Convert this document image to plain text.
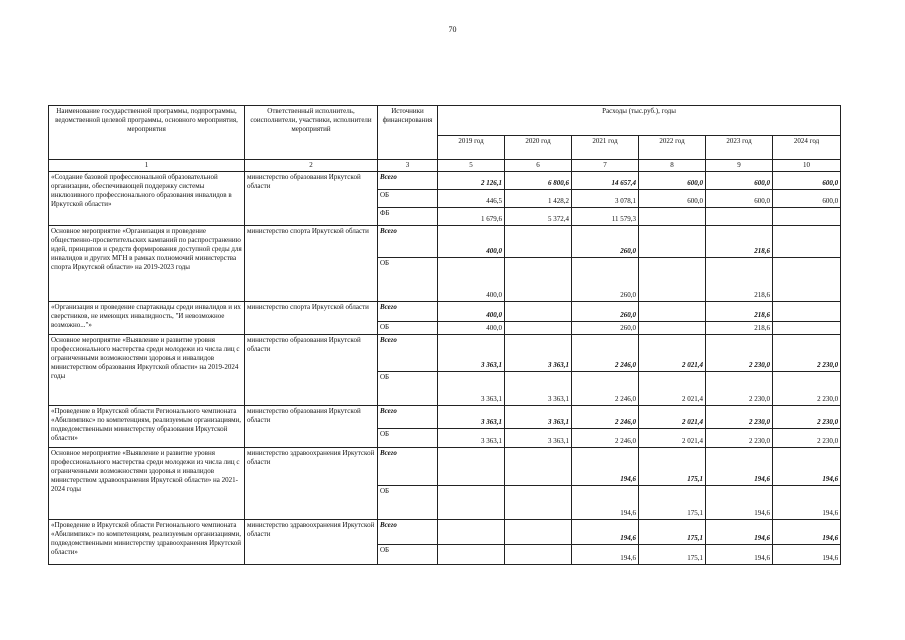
70
Наименование государственной программы, подпрограммы, ведомственной целевой программы, основного мероприятия, мероприятия	Ответственный исполнитель, соисполнители, участники, исполнители мероприятий	Источники финансирования	Расходы (тыс.руб.), годы					
			2019 год	2020 год	2021 год	2022 год	2023 год	2024 год
1	2	3	5	6	7	8	9	10
«Создание базовой профессиональной образовательной организации, обеспечивающей поддержку системы инклюзивного профессионального образования инвалидов в Иркутской области»	министерство образования Иркутской области	Всего	2 126,1	6 800,6	14 657,4	600,0	600,0	600,0
		ОБ	446,5	1 428,2	3 078,1	600,0	600,0	600,0
		ФБ	1 679,6	5 372,4	11 579,3			
Основное мероприятие «Организация и проведение общественно-просветительских кампаний по распространению идей, принципов и средств формирования доступной среды для инвалидов и других МГН в рамках полномочий министерства спорта Иркутской области» на 2019-2023 годы	министерство спорта Иркутской области	Всего	400,0		260,0		218,6	
		ОБ	400,0		260,0		218,6	
«Организация и проведение спартакиады среди инвалидов и их сверстников, не имеющих инвалидность, "И невозможное возможно..."»	министерство спорта Иркутской области	Всего	400,0		260,0		218,6	
		ОБ	400,0		260,0		218,6	
Основное мероприятие «Выявление и развитие уровня профессионального мастерства среди молодежи из числа лиц с ограниченными возможностями здоровья и инвалидов министерством образования Иркутской области» на 2019-2024 годы	министерство образования Иркутской области	Всего	3 363,1	3 363,1	2 246,0	2 021,4	2 230,0	2 230,0
		ОБ	3 363,1	3 363,1	2 246,0	2 021,4	2 230,0	2 230,0
«Проведение в Иркутской области Регионального чемпионата «Абилимпикс» по компетенциям, реализуемым организациями, подведомственными министерству образования Иркутской области»	министерство образования Иркутской области	Всего	3 363,1	3 363,1	2 246,0	2 021,4	2 230,0	2 230,0
		ОБ	3 363,1	3 363,1	2 246,0	2 021,4	2 230,0	2 230,0
Основное мероприятие «Выявление и развитие уровня профессионального мастерства среди молодежи из числа лиц с ограниченными возможностями здоровья и инвалидов министерством здравоохранения Иркутской области» на 2021-2024 годы	министерство здравоохранения Иркутской области	Всего			194,6	175,1	194,6	194,6
		ОБ			194,6	175,1	194,6	194,6
«Проведение в Иркутской области Регионального чемпионата «Абилимпикс» по компетенциям, реализуемым организациями, подведомственными министерству здравоохранения Иркутской области»	министерство здравоохранения Иркутской области	Всего			194,6	175,1	194,6	194,6
		ОБ			194,6	175,1	194,6	194,6
